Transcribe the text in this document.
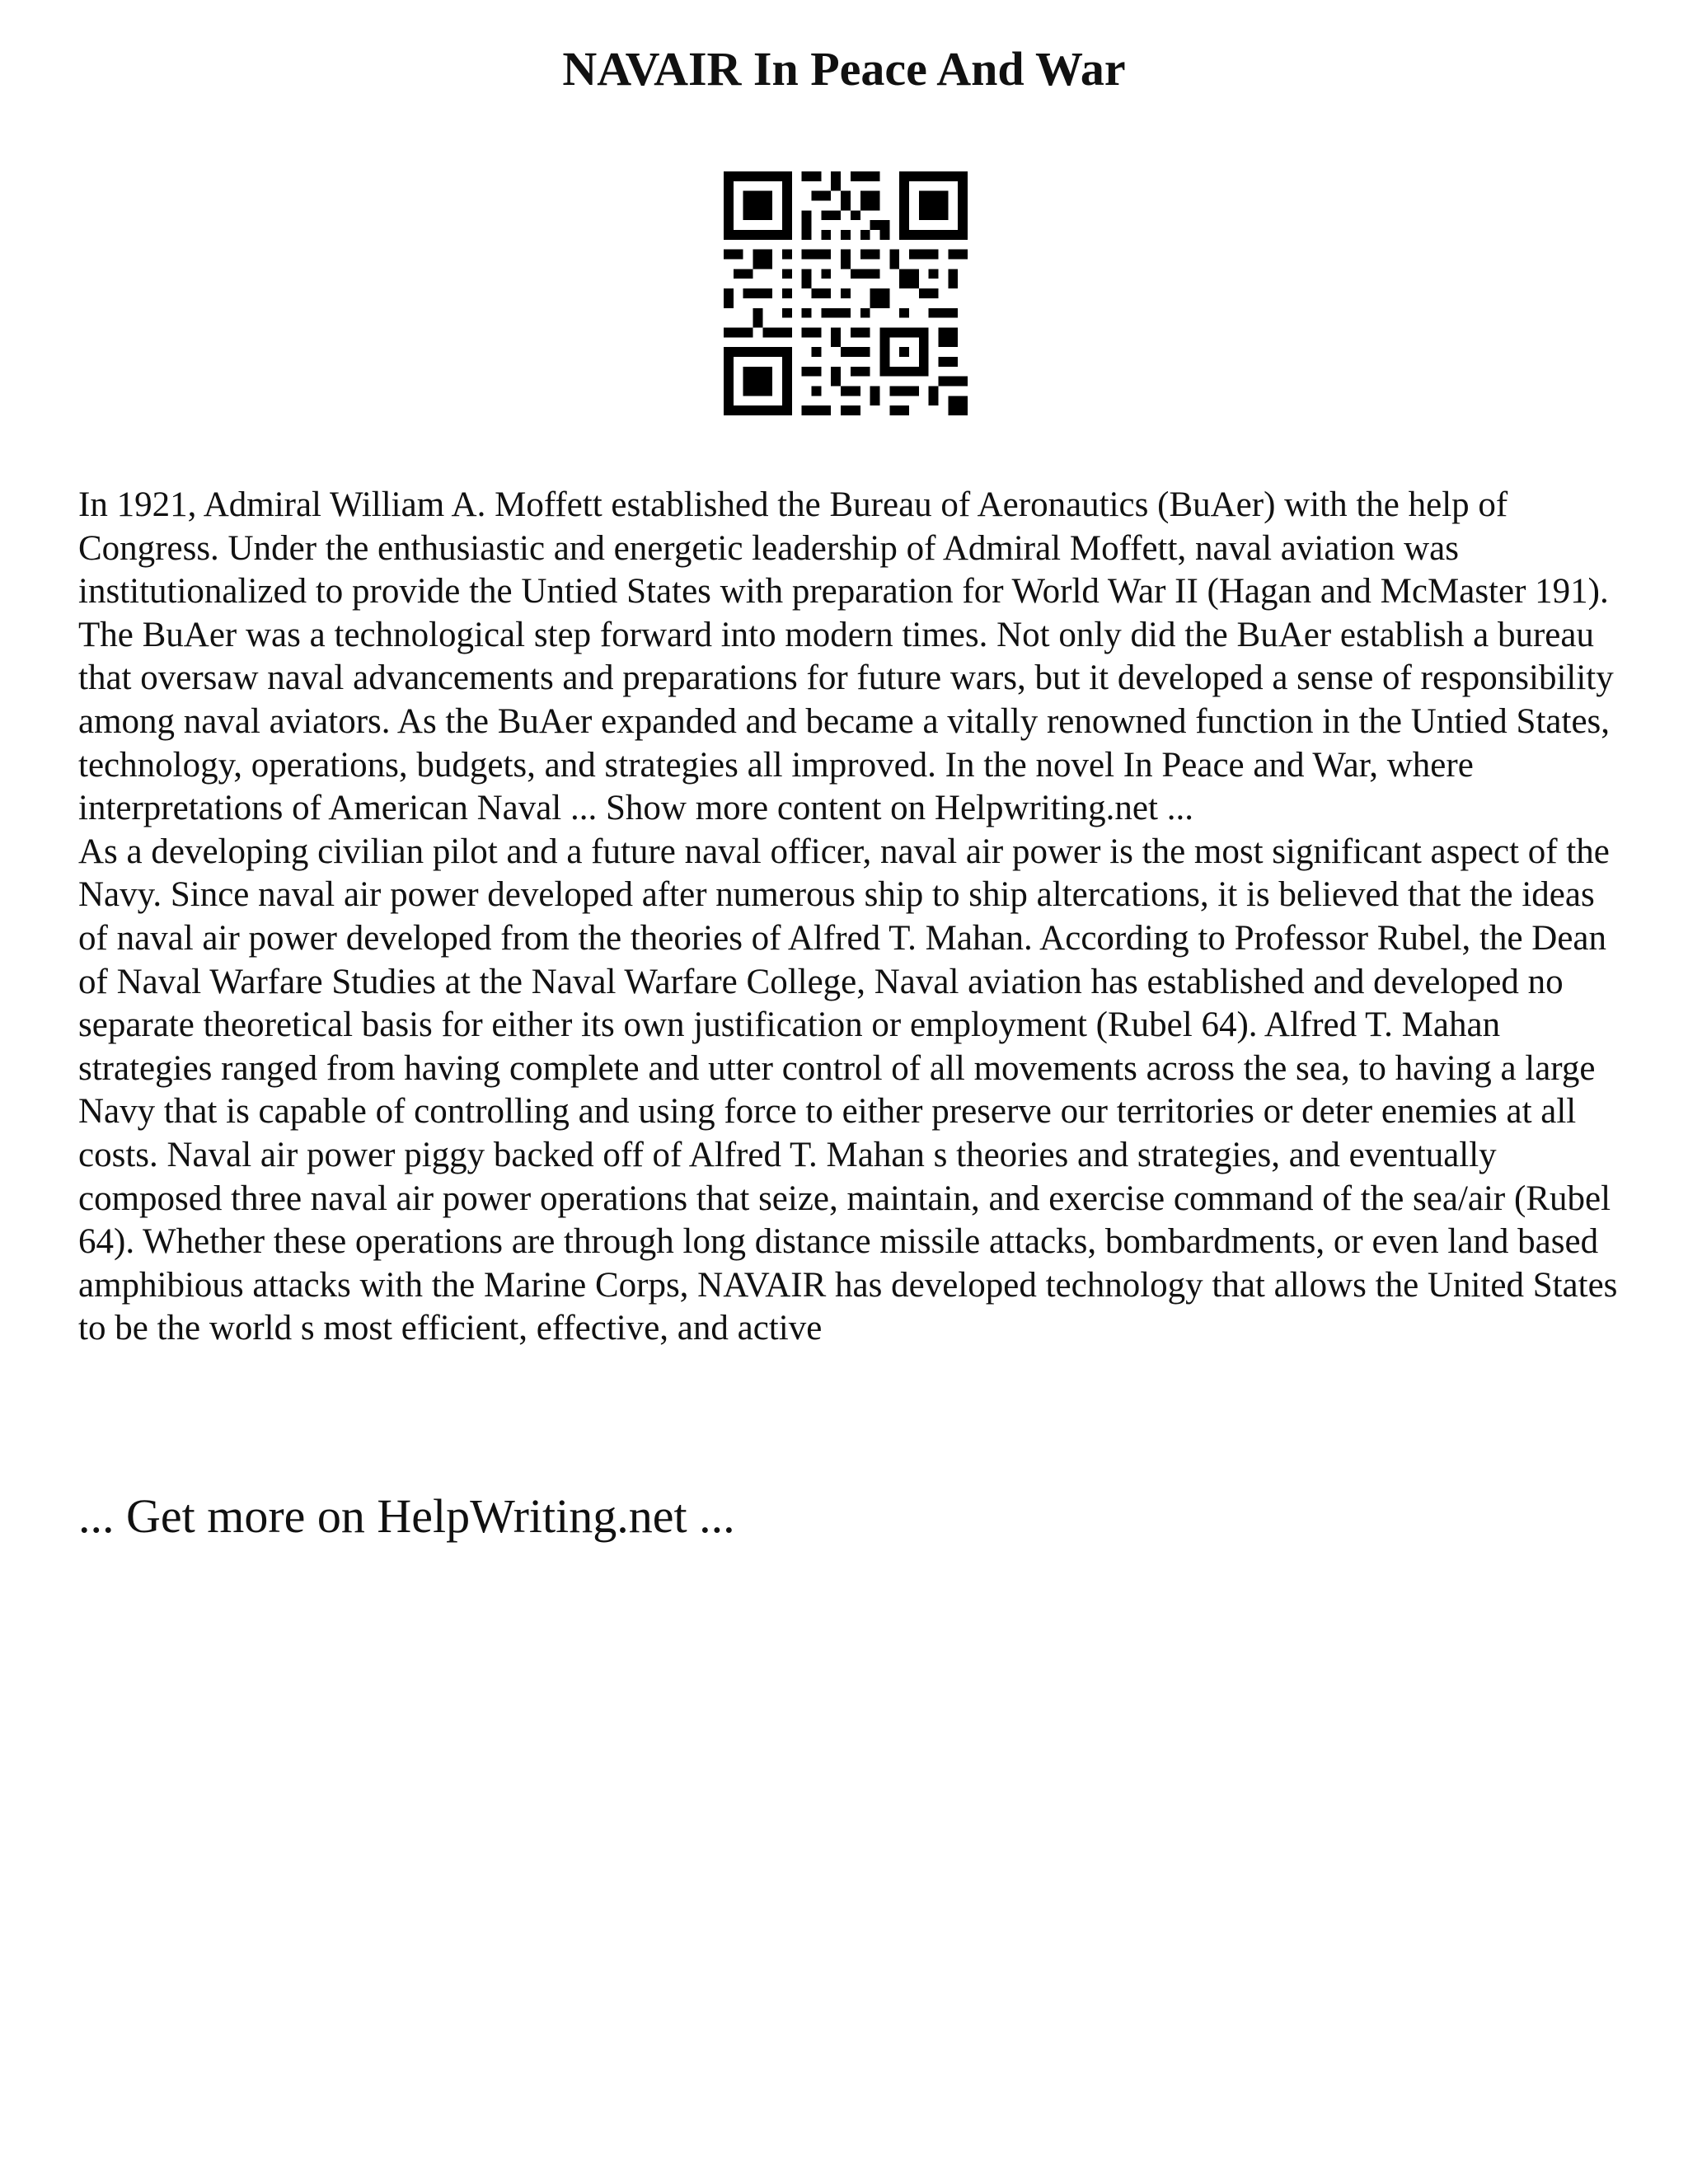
NAVAIR In Peace And War

In 1921, Admiral William A. Moffett established the Bureau of Aeronautics (BuAer) with the help of Congress. Under the enthusiastic and energetic leadership of Admiral Moffett, naval aviation was institutionalized to provide the Untied States with preparation for World War II (Hagan and McMaster 191). The BuAer was a technological step forward into modern times. Not only did the BuAer establish a bureau that oversaw naval advancements and preparations for future wars, but it developed a sense of responsibility among naval aviators. As the BuAer expanded and became a vitally renowned function in the Untied States, technology, operations, budgets, and strategies all improved. In the novel In Peace and War, where interpretations of American Naval ... Show more content on Helpwriting.net ...

As a developing civilian pilot and a future naval officer, naval air power is the most significant aspect of the Navy. Since naval air power developed after numerous ship to ship altercations, it is believed that the ideas of naval air power developed from the theories of Alfred T. Mahan. According to Professor Rubel, the Dean of Naval Warfare Studies at the Naval Warfare College, Naval aviation has established and developed no separate theoretical basis for either its own justification or employment (Rubel 64). Alfred T. Mahan strategies ranged from having complete and utter control of all movements across the sea, to having a large Navy that is capable of controlling and using force to either preserve our territories or deter enemies at all costs. Naval air power piggy backed off of Alfred T. Mahan s theories and strategies, and eventually composed three naval air power operations that seize, maintain, and exercise command of the sea/air (Rubel 64). Whether these operations are through long distance missile attacks, bombardments, or even land based amphibious attacks with the Marine Corps, NAVAIR has developed technology that allows the United States to be the world s most efficient, effective, and active

... Get more on HelpWriting.net ...
